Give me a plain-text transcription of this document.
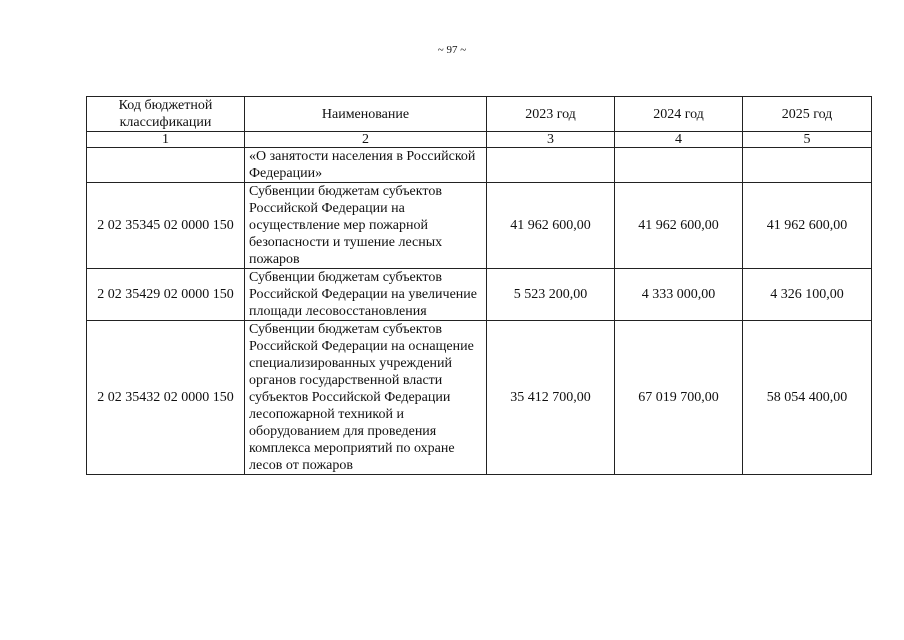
~ 97 ~
Код бюджетной классификации	Наименование	2023 год	2024 год	2025 год
1	2	3	4	5
	«О занятости населения в Российской Федерации»			
2 02 35345 02 0000 150	Субвенции бюджетам субъектов Российской Федерации на осуществление мер пожарной безопасности и тушение лесных пожаров	41 962 600,00	41 962 600,00	41 962 600,00
2 02 35429 02 0000 150	Субвенции бюджетам субъектов Российской Федерации на увеличение площади лесовосстановления	5 523 200,00	4 333 000,00	4 326 100,00
2 02 35432 02 0000 150	Субвенции бюджетам субъектов Российской Федерации на оснащение специализированных учреждений органов государственной власти субъектов Российской Федерации лесопожарной техникой и оборудованием для проведения комплекса мероприятий по охране лесов от пожаров	35 412 700,00	67 019 700,00	58 054 400,00
